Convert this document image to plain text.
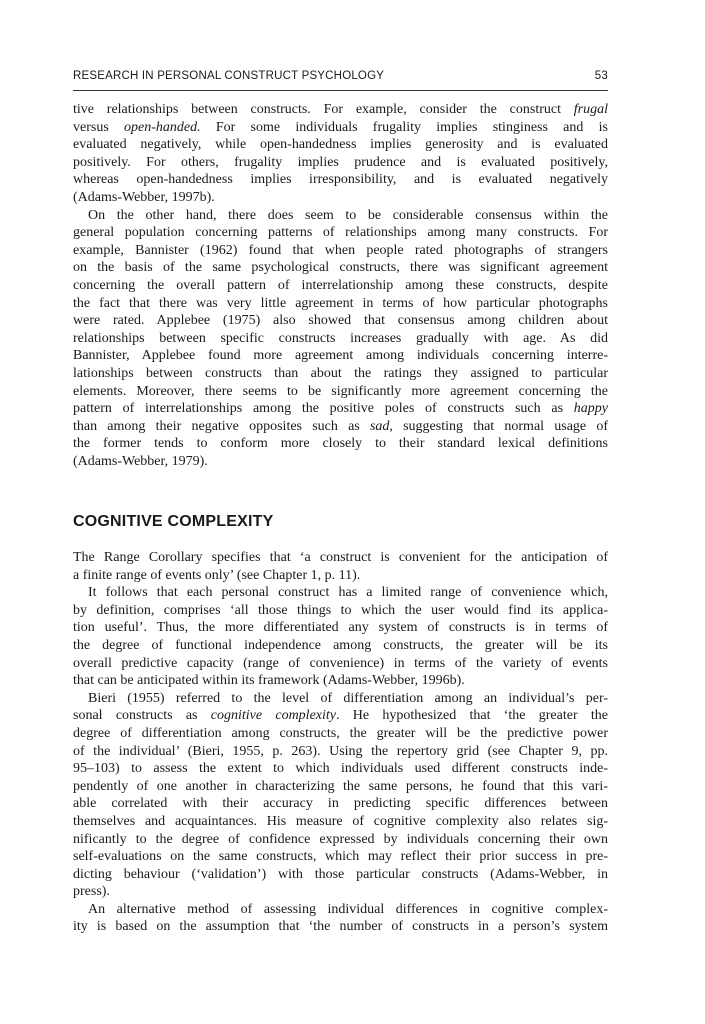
RESEARCH IN PERSONAL CONSTRUCT PSYCHOLOGY	53
tive relationships between constructs. For example, consider the construct frugal
versus open-handed. For some individuals frugality implies stinginess and is
evaluated negatively, while open-handedness implies generosity and is evaluated
positively. For others, frugality implies prudence and is evaluated positively,
whereas open-handedness implies irresponsibility, and is evaluated negatively
(Adams-Webber, 1997b).
On the other hand, there does seem to be considerable consensus within the
general population concerning patterns of relationships among many constructs. For
example, Bannister (1962) found that when people rated photographs of strangers
on the basis of the same psychological constructs, there was significant agreement
concerning the overall pattern of interrelationship among these constructs, despite
the fact that there was very little agreement in terms of how particular photographs
were rated. Applebee (1975) also showed that consensus among children about
relationships between specific constructs increases gradually with age. As did
Bannister, Applebee found more agreement among individuals concerning interre-
lationships between constructs than about the ratings they assigned to particular
elements. Moreover, there seems to be significantly more agreement concerning the
pattern of interrelationships among the positive poles of constructs such as happy
than among their negative opposites such as sad, suggesting that normal usage of
the former tends to conform more closely to their standard lexical definitions
(Adams-Webber, 1979).
COGNITIVE COMPLEXITY
The Range Corollary specifies that ‘a construct is convenient for the anticipation of
a finite range of events only’ (see Chapter 1, p. 11).
It follows that each personal construct has a limited range of convenience which,
by definition, comprises ‘all those things to which the user would find its applica-
tion useful’. Thus, the more differentiated any system of constructs is in terms of
the degree of functional independence among constructs, the greater will be its
overall predictive capacity (range of convenience) in terms of the variety of events
that can be anticipated within its framework (Adams-Webber, 1996b).
Bieri (1955) referred to the level of differentiation among an individual’s per-
sonal constructs as cognitive complexity. He hypothesized that ‘the greater the
degree of differentiation among constructs, the greater will be the predictive power
of the individual’ (Bieri, 1955, p. 263). Using the repertory grid (see Chapter 9, pp.
95–103) to assess the extent to which individuals used different constructs inde-
pendently of one another in characterizing the same persons, he found that this vari-
able correlated with their accuracy in predicting specific differences between
themselves and acquaintances. His measure of cognitive complexity also relates sig-
nificantly to the degree of confidence expressed by individuals concerning their own
self-evaluations on the same constructs, which may reflect their prior success in pre-
dicting behaviour (‘validation’) with those particular constructs (Adams-Webber, in
press).
An alternative method of assessing individual differences in cognitive complex-
ity is based on the assumption that ‘the number of constructs in a person’s system
